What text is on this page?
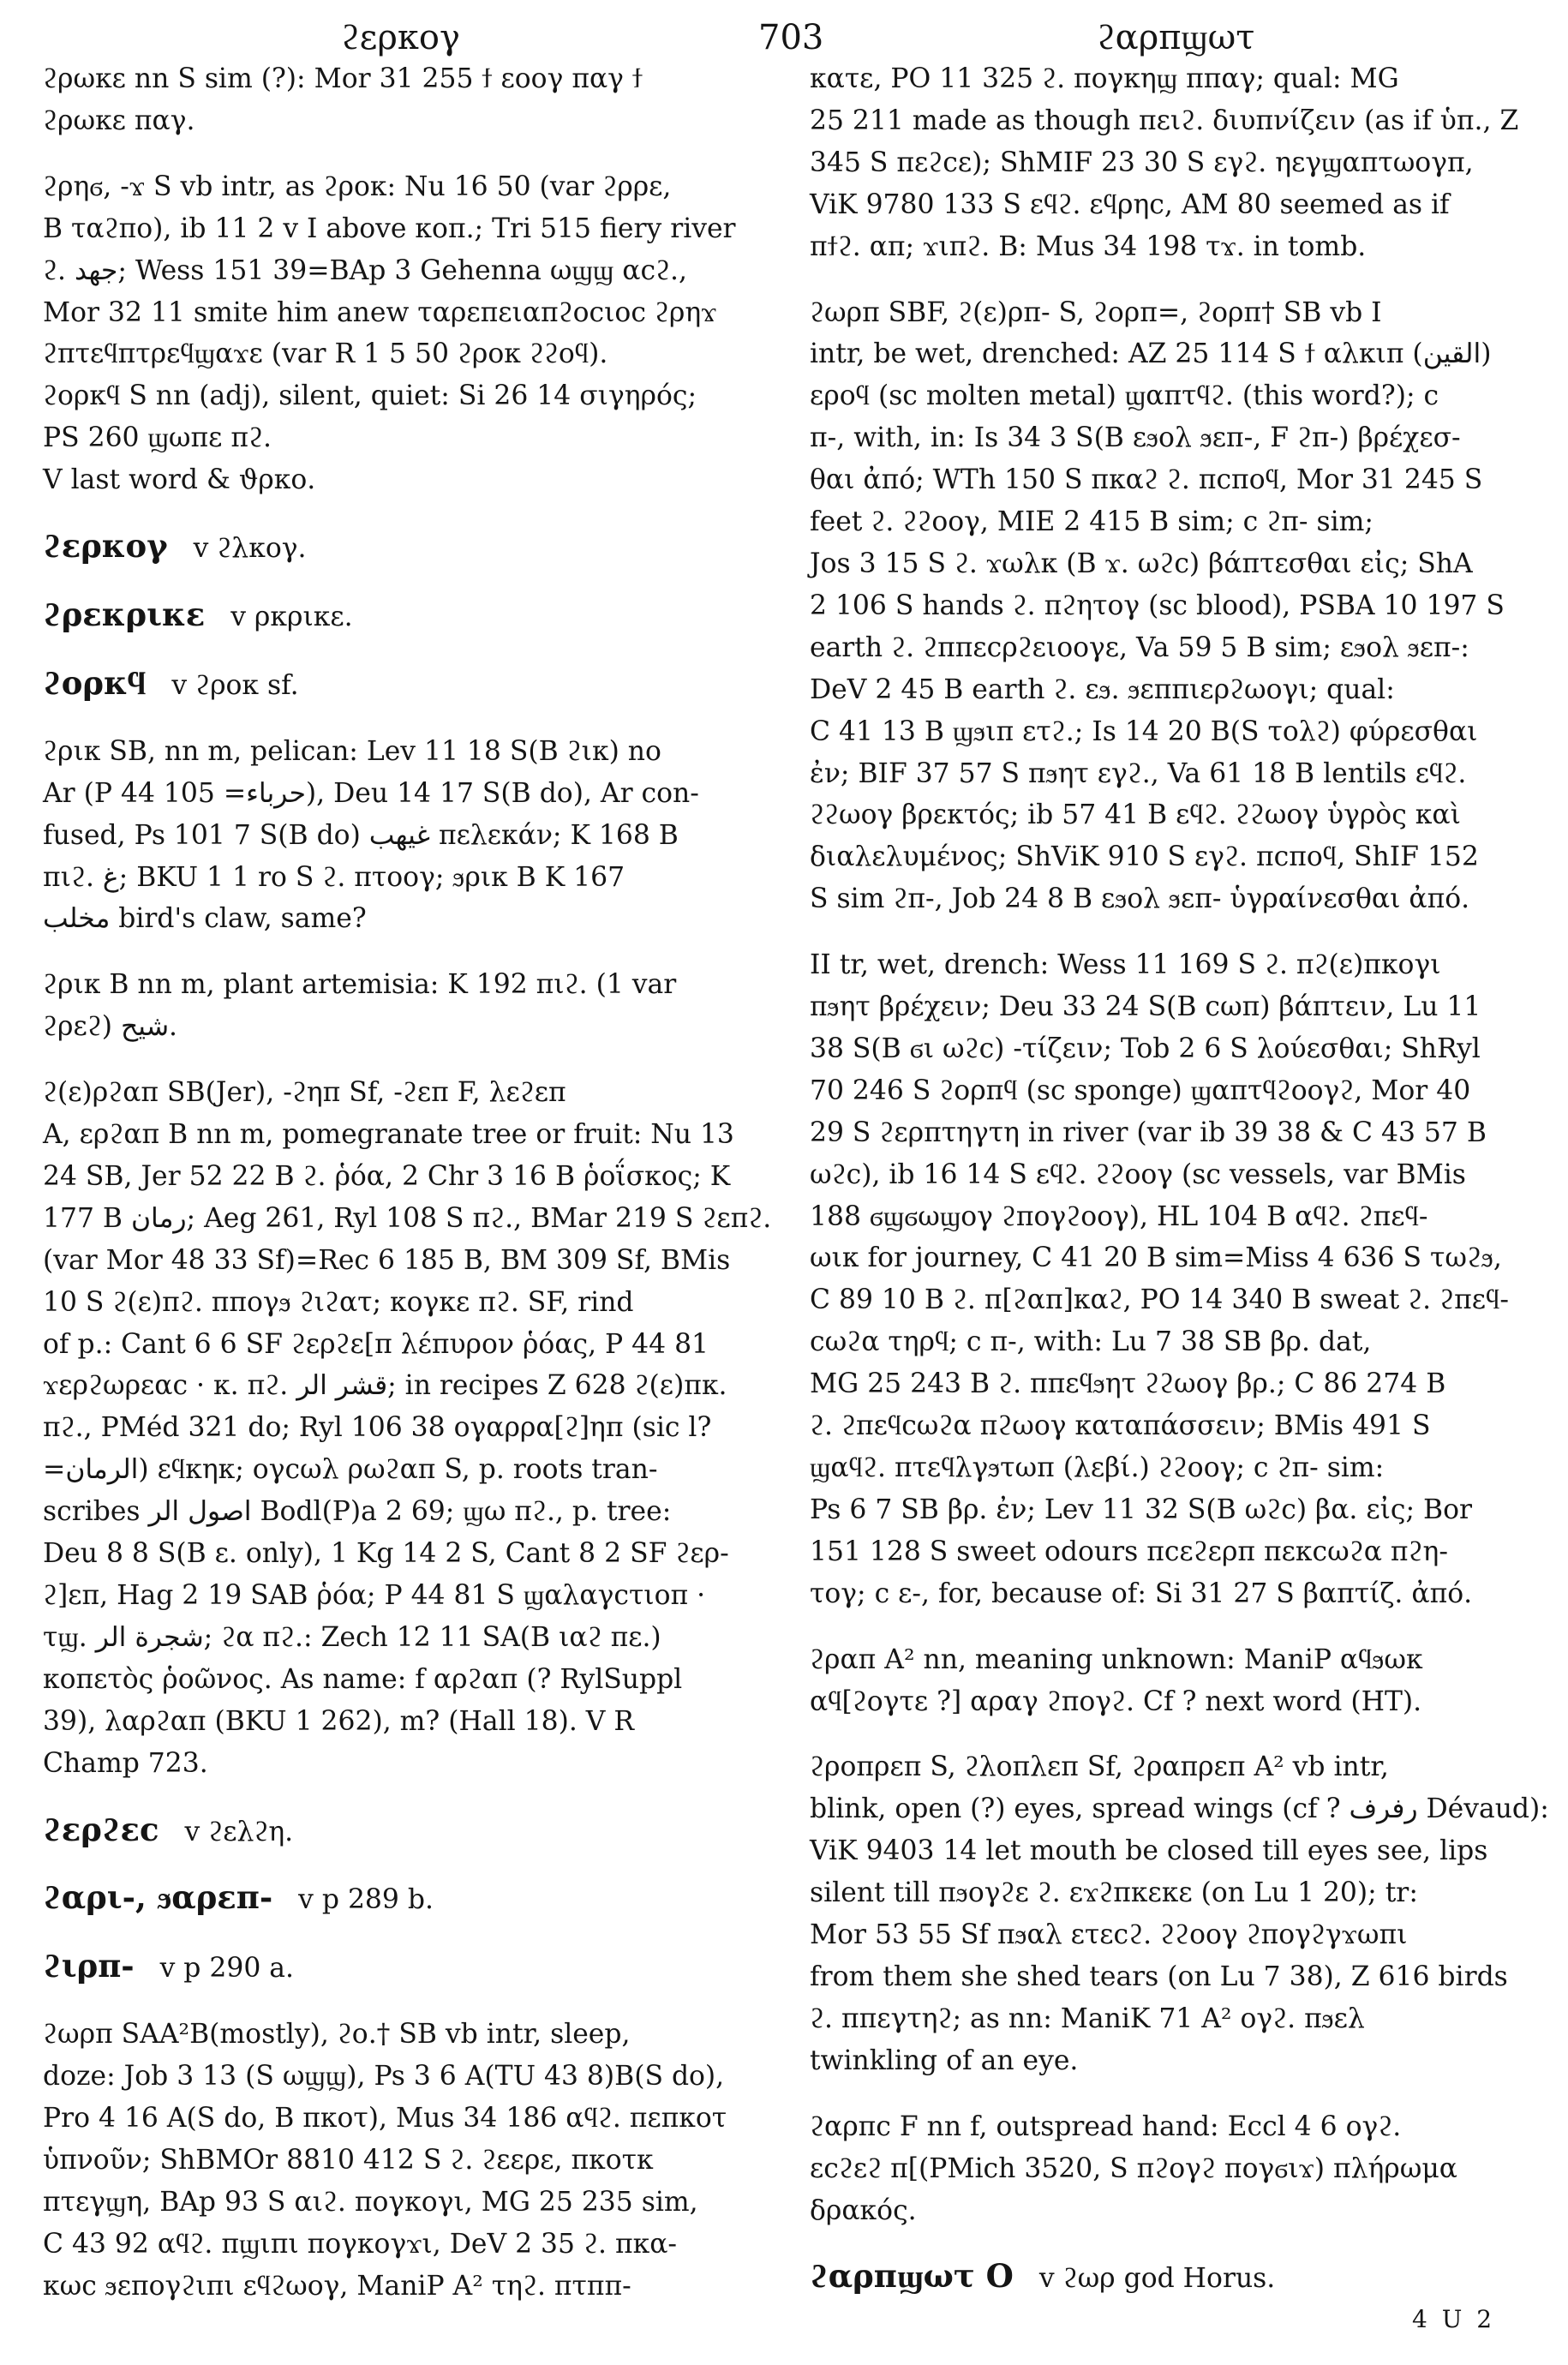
ϩερκογ	703	ϩαρπϣωτ
ϩρωκε nn S sim (?): Mor 31 255 ϯ εοογ παγ ϯ
ϩρωκε παγ.
ϩρηϭ, -ϫ S vb intr, as ϩροκ: Nu 16 50 (var ϩρρε,
B ταϩπο), ib 11 2 v I above κοπ.; Tri 515 fiery river
ϩ. جهد; Wess 151 39=BAp 3 Gehenna ωϣϣ αcϩ.,
Mor 32 11 smite him anew ταρεπειαπϩοcιοc ϩρηϫ
ϩπτεϥπτρεϥϣαϫε (var R 1 5 50 ϩροκ ϩϩοϥ).
ϩορκϥ S nn (adj), silent, quiet: Si 26 14 σιγηρός;
PS 260 ϣωπε πϩ.
V last word & ϑρκο.
ϩερκογ v ϩλκογ.
ϩρεκρικε v ρκρικε.
ϩορκϥ v ϩροκ sf.
ϩρικ SB, nn m, pelican: Lev 11 18 S(B ϩικ) no
Ar (P 44 105 =حرباء), Deu 14 17 S(B do), Ar con-
fused, Ps 101 7 S(B do) غيهب πελεκάν; K 168 B
πιϩ. غ; BKU 1 1 ro S ϩ. πτοογ; ϧρικ B K 167
مخلب bird's claw, same?
ϩρικ B nn m, plant artemisia: K 192 πιϩ. (1 var
ϩρεϩ) شيح.
ϩ(ε)ρϩαπ SB(Jer), -ϩηπ Sf, -ϩεπ F, λεϩεπ
A, ερϩαπ B nn m, pomegranate tree or fruit: Nu 13
24 SB, Jer 52 22 B ϩ. ῥόα, 2 Chr 3 16 B ῥοΐσκος; K
177 B رمان; Aeg 261, Ryl 108 S πϩ., BMar 219 S ϩεπϩ.
(var Mor 48 33 Sf)=Rec 6 185 B, BM 309 Sf, BMis
10 S ϩ(ε)πϩ. ππογϧ ϩιϩατ; κογκε πϩ. SF, rind
of p.: Cant 6 6 SF ϩερϩε[π λέπυρον ῥόας, P 44 81
ϫερϩωρεαc · κ. πϩ. قشر الر; in recipes Z 628 ϩ(ε)πκ.
πϩ., PMéd 321 do; Ryl 106 38 ογαρρα[ϩ]ηπ (sic l?
=الرمان) εϥκηκ; ογcωλ ρωϩαπ S, p. roots tran-
scribes اصول الر Bodl(P)a 2 69; ϣω πϩ., p. tree:
Deu 8 8 S(B ε. only), 1 Kg 14 2 S, Cant 8 2 SF ϩερ-
ϩ]επ, Hag 2 19 SAB ῥόα; P 44 81 S ϣαλαγcτιοπ ·
τϣ. شجرة الر; ϩα πϩ.: Zech 12 11 SA(B ιαϩ πε.)
κοπετὸς ῥοῶνος. As name: f αρϩαπ (? RylSuppl
39), λαρϩαπ (BKU 1 262), m? (Hall 18). V R
Champ 723.
ϩερϩεc v ϩελϩη.
ϩαρι-, ϧαρεπ- v p 289 b.
ϩιρπ- v p 290 a.
ϩωρπ SAA²B(mostly), ϩο.† SB vb intr, sleep,
doze: Job 3 13 (S ωϣϣ), Ps 3 6 A(TU 43 8)B(S do),
Pro 4 16 A(S do, B πκοτ), Mus 34 186 αϥϩ. πεπκοτ
ὑπνοῦν; ShBMOr 8810 412 S ϩ. ϩεερε, πκοτκ
πτεγϣη, BAp 93 S αιϩ. πογκογι, MG 25 235 sim,
C 43 92 αϥϩ. πϣιπι πογκογϫι, DeV 2 35 ϩ. πκα-
κωc ϧεπογϩιπι εϥϩωογ, ManiP A² τηϩ. πτππ-
κατε, PO 11 325 ϩ. πογκηϣ ππαγ; qual: MG
25 211 made as though πειϩ. διυπνίζειν (as if ὑπ., Z
345 S πεϩcε); ShMIF 23 30 S εγϩ. ηεγϣαπτωογπ,
ViK 9780 133 S εϥϩ. εϥρηc, AM 80 seemed as if
πϯϩ. απ; ϫιπϩ. B: Mus 34 198 τϫ. in tomb.
ϩωρπ SBF, ϩ(ε)ρπ- S, ϩορπ=, ϩορπ† SB vb I
intr, be wet, drenched: AZ 25 114 S ϯ αλκιπ (القين)
εροϥ (sc molten metal) ϣαπτϥϩ. (this word?); c
π-, with, in: Is 34 3 S(B εϧολ ϧεπ-, F ϩπ-) βρέχεσ-
θαι ἀπό; WTh 150 S πκαϩ ϩ. πcποϥ, Mor 31 245 S
feet ϩ. ϩϩοογ, MIE 2 415 B sim; c ϩπ- sim;
Jos 3 15 S ϩ. ϫωλκ (B ϫ. ωϩc) βάπτεσθαι εἰς; ShA
2 106 S hands ϩ. πϩητογ (sc blood), PSBA 10 197 S
earth ϩ. ϩππεcρϩειοογε, Va 59 5 B sim; εϧολ ϧεπ-:
DeV 2 45 B earth ϩ. εϧ. ϧεππιερϩωογι; qual:
C 41 13 B ϣϧιπ ετϩ.; Is 14 20 B(S τολϩ) φύρεσθαι
ἐν; BIF 37 57 S πϧητ εγϩ., Va 61 18 B lentils εϥϩ.
ϩϩωογ βρεκτός; ib 57 41 B εϥϩ. ϩϩωογ ὑγρὸς καὶ
διαλελυμένος; ShViK 910 S εγϩ. πcποϥ, ShIF 152
S sim ϩπ-, Job 24 8 B εϧολ ϧεπ- ὑγραίνεσθαι ἀπό.
II tr, wet, drench: Wess 11 169 S ϩ. πϩ(ε)πκογι
πϧητ βρέχειν; Deu 33 24 S(B cωπ) βάπτειν, Lu 11
38 S(B ϭι ωϩc) -τίζειν; Tob 2 6 S λούεσθαι; ShRyl
70 246 S ϩορπϥ (sc sponge) ϣαπτϥϩοογϩ, Mor 40
29 S ϩερπτηγτη in river (var ib 39 38 & C 43 57 B
ωϩc), ib 16 14 S εϥϩ. ϩϩοογ (sc vessels, var BMis
188 ϭϣϭωϣογ ϩπογϩοογ), HL 104 B αϥϩ. ϩπεϥ-
ωικ for journey, C 41 20 B sim=Miss 4 636 S τωϩϧ,
C 89 10 B ϩ. π[ϩαπ]καϩ, PO 14 340 B sweat ϩ. ϩπεϥ-
cωϩα τηρϥ; c π-, with: Lu 7 38 SB βρ. dat,
MG 25 243 B ϩ. ππεϥϧητ ϩϩωογ βρ.; C 86 274 B
ϩ. ϩπεϥcωϩα πϩωογ καταπάσσειν; BMis 491 S
ϣαϥϩ. πτεϥλγϧτωπ (λεβί.) ϩϩοογ; c ϩπ- sim:
Ps 6 7 SB βρ. ἐν; Lev 11 32 S(B ωϩc) βα. εἰς; Bor
151 128 S sweet odours πcεϩερπ πεκcωϩα πϩη-
τογ; c ε-, for, because of: Si 31 27 S βαπτίζ. ἀπό.
ϩραπ A² nn, meaning unknown: ManiP αϥϧωκ
αϥ[ϩογτε ?] αραγ ϩπογϩ. Cf ? next word (HT).
ϩροπρεπ S, ϩλοπλεπ Sf, ϩραπρεπ A² vb intr,
blink, open (?) eyes, spread wings (cf ? رفرف Dévaud):
ViK 9403 14 let mouth be closed till eyes see, lips
silent till πϧογϩε ϩ. εϫϩπκεκε (on Lu 1 20); tr:
Mor 53 55 Sf πϧαλ ετεcϩ. ϩϩοογ ϩπογϩγϫωπι
from them she shed tears (on Lu 7 38), Z 616 birds
ϩ. ππεγτηϩ; as nn: ManiK 71 A² ογϩ. πϧελ
twinkling of an eye.
ϩαρπc F nn f, outspread hand: Eccl 4 6 ογϩ.
εcϩεϩ π[(PMich 3520, S πϩογϩ πογϭιϫ) πλήρωμα
δρακός.
ϩαρπϣωτ O v ϩωρ god Horus.
4 U 2
